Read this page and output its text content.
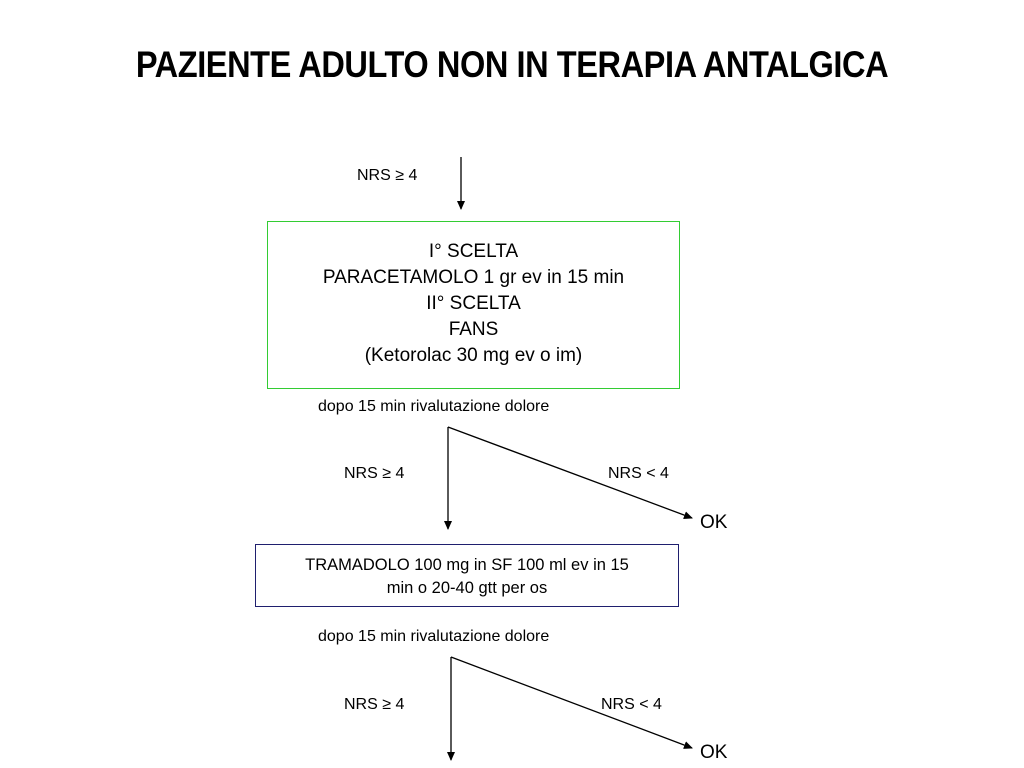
PAZIENTE ADULTO NON IN TERAPIA ANTALGICA
NRS ≥ 4
I° SCELTA
PARACETAMOLO 1 gr ev in 15 min
II° SCELTA
FANS
(Ketorolac 30 mg ev o im)
dopo 15 min rivalutazione dolore
NRS ≥ 4	NRS < 4
OK
TRAMADOLO 100 mg in SF 100 ml ev in 15
min o 20-40 gtt per os
dopo 15 min rivalutazione dolore
NRS ≥ 4	NRS < 4
OK
